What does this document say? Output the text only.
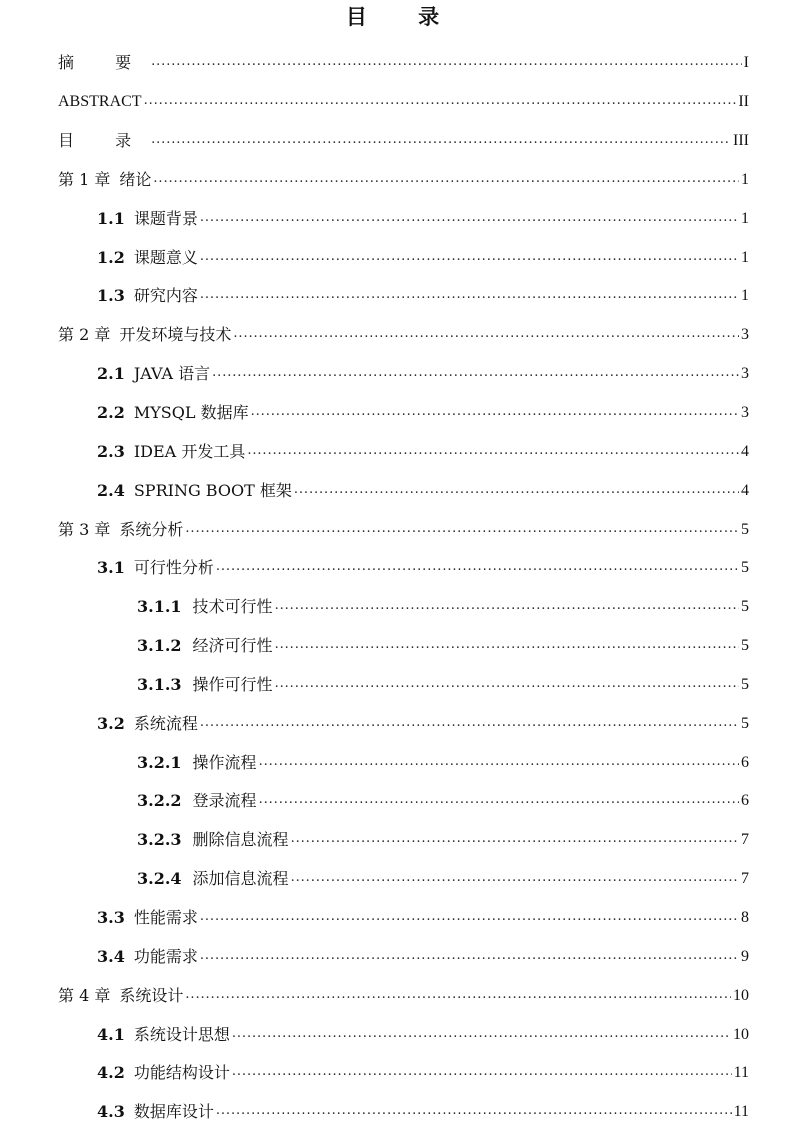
目 录
摘 要 .....	I
ABSTRACT .....	II
目 录 .....	III
第 1 章 绪论 .....	1
1.1 课题背景 .....	1
1.2 课题意义 .....	1
1.3 研究内容 .....	1
第 2 章 开发环境与技术 .....	3
2.1 JAVA 语言 .....	3
2.2 MYSQL 数据库 .....	3
2.3 IDEA 开发工具 .....	4
2.4 SPRING BOOT 框架 .....	4
第 3 章 系统分析 .....	5
3.1 可行性分析 .....	5
3.1.1 技术可行性 .....	5
3.1.2 经济可行性 .....	5
3.1.3 操作可行性 .....	5
3.2 系统流程 .....	5
3.2.1 操作流程 .....	6
3.2.2 登录流程 .....	6
3.2.3 删除信息流程 .....	7
3.2.4 添加信息流程 .....	7
3.3 性能需求 .....	8
3.4 功能需求 .....	9
第 4 章 系统设计 .....	10
4.1 系统设计思想 .....	10
4.2 功能结构设计 .....	11
4.3 数据库设计 .....	11
